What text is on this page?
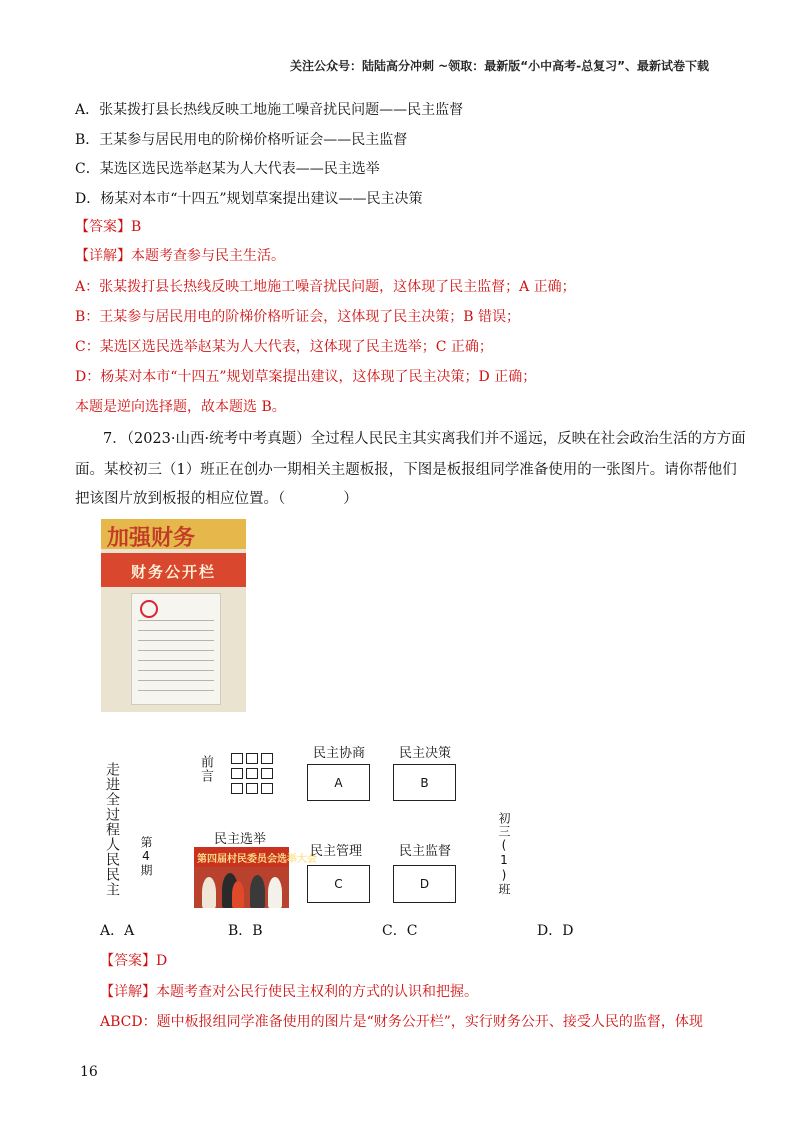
关注公众号：陆陆高分冲刺 ~领取：最新版“小中高考-总复习”、最新试卷下载
A．张某拨打县长热线反映工地施工噪音扰民问题——民主监督
B．王某参与居民用电的阶梯价格听证会——民主监督
C．某选区选民选举赵某为人大代表——民主选举
D．杨某对本市“十四五”规划草案提出建议——民主决策
【答案】B
【详解】本题考查参与民主生活。
A：张某拨打县长热线反映工地施工噪音扰民问题，这体现了民主监督；A 正确；
B：王某参与居民用电的阶梯价格听证会，这体现了民主决策；B 错误；
C：某选区选民选举赵某为人大代表，这体现了民主选举；C 正确；
D：杨某对本市“十四五”规划草案提出建议，这体现了民主决策；D 正确；
本题是逆向选择题，故本题选 B。
7．（2023·山西·统考中考真题）全过程人民民主其实离我们并不遥远，反映在社会政治生活的方方面
面。某校初三（1）班正在创办一期相关主题板报，下图是板报组同学准备使用的一张图片。请你帮他们
把该图片放到板报的相应位置。（　　　　）
加强财务
财务公开栏
走进全过程人民民主 第4期
前言
民主协商
A
民主决策
B
民主选举
第四届村民委员会选举大会
民主管理
C
民主监督
D	初三(1)班
A．A	B．B	C．C	D．D
【答案】D
【详解】本题考查对公民行使民主权利的方式的认识和把握。
ABCD：题中板报组同学准备使用的图片是“财务公开栏”，实行财务公开、接受人民的监督，体现
16
